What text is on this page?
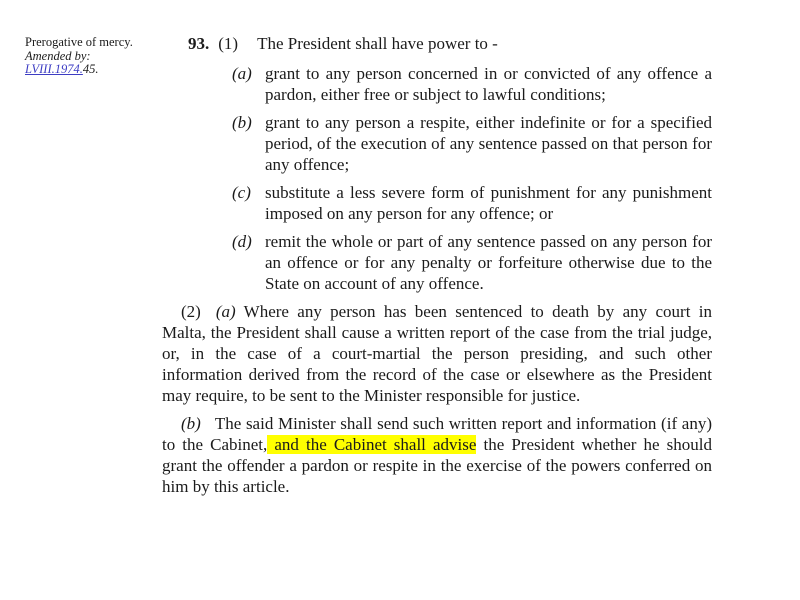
Prerogative of mercy.
Amended by:
LVIII.1974.45.

93. (1) The President shall have power to -

(a) grant to any person concerned in or convicted of any offence a pardon, either free or subject to lawful conditions;
(b) grant to any person a respite, either indefinite or for a specified period, of the execution of any sentence passed on that person for any offence;
(c) substitute a less severe form of punishment for any punishment imposed on any person for any offence; or
(d) remit the whole or part of any sentence passed on any person for an offence or for any penalty or forfeiture otherwise due to the State on account of any offence.

(2) (a) Where any person has been sentenced to death by any court in Malta, the President shall cause a written report of the case from the trial judge, or, in the case of a court-martial the person presiding, and such other information derived from the record of the case or elsewhere as the President may require, to be sent to the Minister responsible for justice.

(b) The said Minister shall send such written report and information (if any) to the Cabinet, and the Cabinet shall advise the President whether he should grant the offender a pardon or respite in the exercise of the powers conferred on him by this article.
